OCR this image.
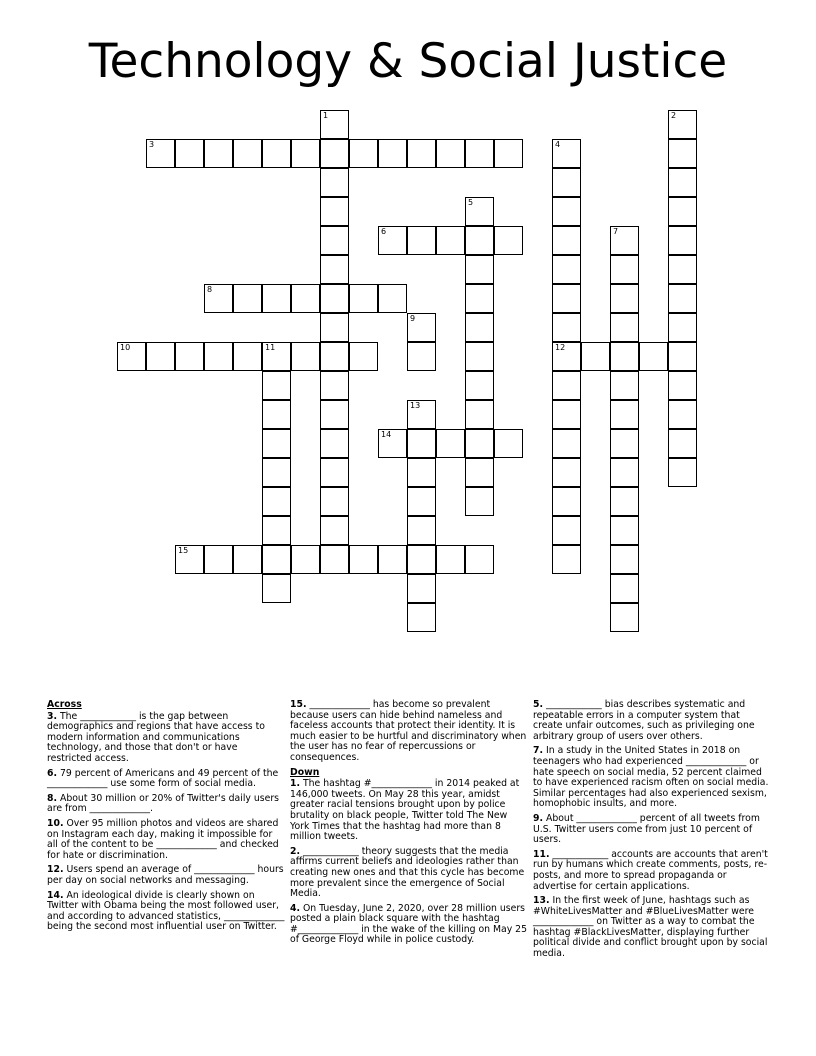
Technology & Social Justice
1	2
3	4
12
5
6	7
8
9
10	11
13
14
15
Across
3. The ____________ is the gap between demographics and regions that have access to modern information and communications technology, and those that don't or have restricted access.
6. 79 percent of Americans and 49 percent of the _____________ use some form of social media.
8. About 30 million or 20% of Twitter's daily users are from _____________.
10. Over 95 million photos and videos are shared on Instagram each day, making it impossible for all of the content to be _____________ and checked for hate or discrimination.
12. Users spend an average of _____________ hours per day on social networks and messaging.
14. An ideological divide is clearly shown on Twitter with Obama being the most followed user, and according to advanced statistics, _____________ being the second most influential user on Twitter.
15. _____________ has become so prevalent because users can hide behind nameless and faceless accounts that protect their identity. It is much easier to be hurtful and discriminatory when the user has no fear of repercussions or consequences.
Down
1. The hashtag #_____________ in 2014 peaked at 146,000 tweets. On May 28 this year, amidst greater racial tensions brought upon by police brutality on black people, Twitter told The New York Times that the hashtag had more than 8 million tweets.
2. ____________ theory suggests that the media affirms current beliefs and ideologies rather than creating new ones and that this cycle has become more prevalent since the emergence of Social Media.
4. On Tuesday, June 2, 2020, over 28 million users posted a plain black square with the hashtag #_____________ in the wake of the killing on May 25 of George Floyd while in police custody.
5. ____________ bias describes systematic and repeatable errors in a computer system that create unfair outcomes, such as privileging one arbitrary group of users over others.
7. In a study in the United States in 2018 on teenagers who had experienced _____________ or hate speech on social media, 52 percent claimed to have experienced racism often on social media. Similar percentages had also experienced sexism, homophobic insults, and more.
9. About _____________ percent of all tweets from U.S. Twitter users come from just 10 percent of users.
11. ____________ accounts are accounts that aren't run by humans which create comments, posts, re-posts, and more to spread propaganda or advertise for certain applications.
13. In the first week of June, hashtags such as #WhiteLivesMatter and #BlueLivesMatter were _____________ on Twitter as a way to combat the hashtag #BlackLivesMatter, displaying further political divide and conflict brought upon by social media.
